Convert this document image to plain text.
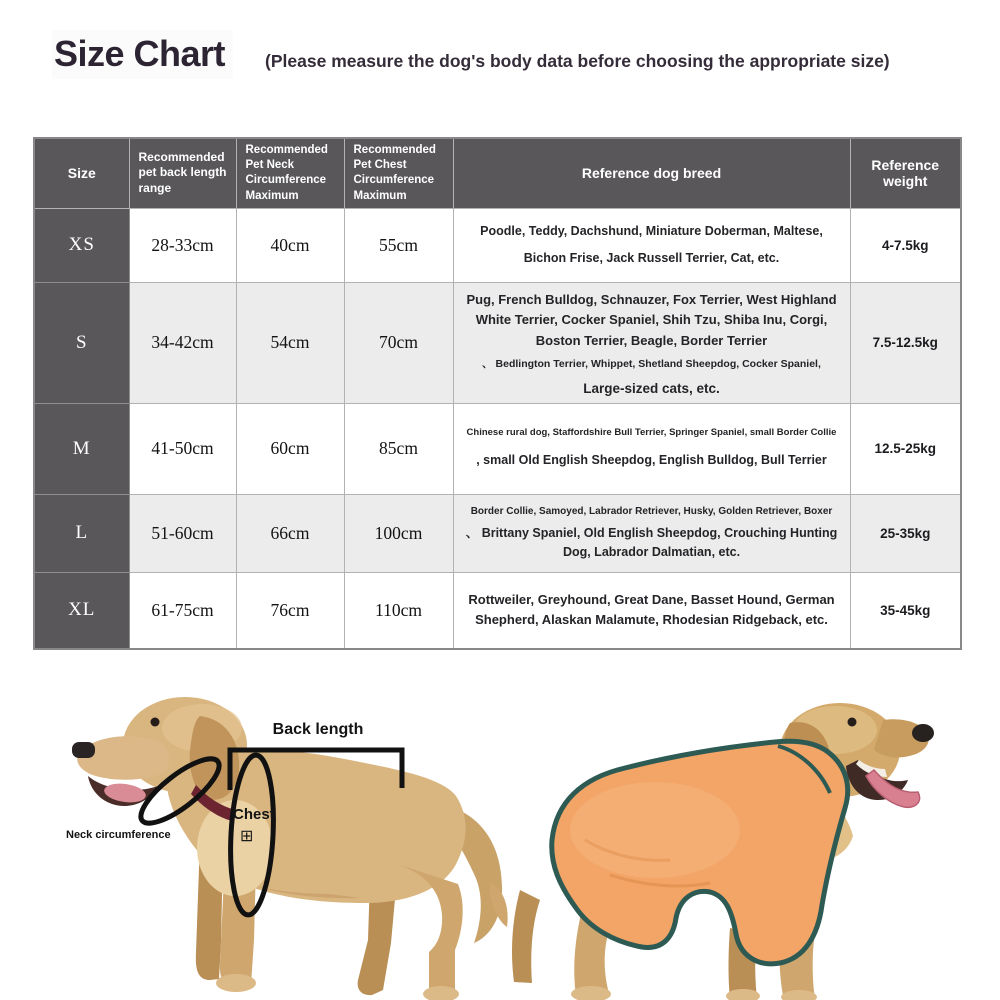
Size Chart	(Please measure the dog's body data before choosing the appropriate size)
Size	Recommended pet back length range	Recommended Pet Neck Circumference Maximum	Recommended Pet Chest Circumference Maximum	Reference dog breed	Reference weight
XS	28-33cm	40cm	55cm	Poodle, Teddy, Dachshund, Miniature Doberman, Maltese, Bichon Frise, Jack Russell Terrier, Cat, etc.	4-7.5kg
S	34-42cm	54cm	70cm	Pug, French Bulldog, Schnauzer, Fox Terrier, West Highland White Terrier, Cocker Spaniel, Shih Tzu, Shiba Inu, Corgi, Boston Terrier, Beagle, Border Terrier
、 Bedlington Terrier, Whippet, Shetland Sheepdog, Cocker Spaniel,
Large-sized cats, etc.	7.5-12.5kg
M	41-50cm	60cm	85cm	Chinese rural dog, Staffordshire Bull Terrier, Springer Spaniel, small Border Collie
, small Old English Sheepdog, English Bulldog, Bull Terrier	12.5-25kg
L	51-60cm	66cm	100cm	Border Collie, Samoyed, Labrador Retriever, Husky, Golden Retriever, Boxer
、 Brittany Spaniel, Old English Sheepdog, Crouching Hunting Dog, Labrador Dalmatian, etc.	25-35kg
XL	61-75cm	76cm	110cm	Rottweiler, Greyhound, Great Dane, Basset Hound, German Shepherd, Alaskan Malamute, Rhodesian Ridgeback, etc.	35-45kg
Back length
Chest
⊞
Neck circumference
